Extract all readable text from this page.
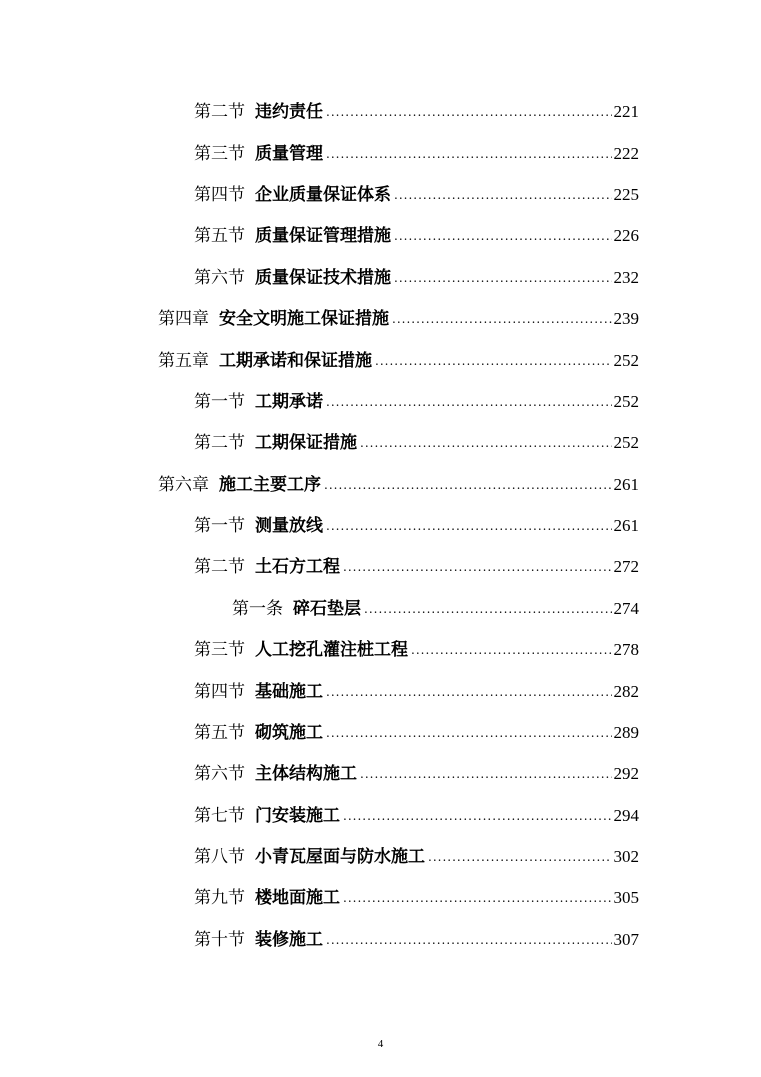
第二节 违约责任 .....	221
第三节 质量管理 .....	222
第四节 企业质量保证体系 .....	225
第五节 质量保证管理措施 .....	226
第六节 质量保证技术措施 .....	232
第四章 安全文明施工保证措施 .....	239
第五章 工期承诺和保证措施 .....	252
第一节 工期承诺 .....	252
第二节 工期保证措施 .....	252
第六章 施工主要工序 .....	261
第一节 测量放线 .....	261
第二节 土石方工程 .....	272
第一条 碎石垫层 .....	274
第三节 人工挖孔灌注桩工程 .....	278
第四节 基础施工 .....	282
第五节 砌筑施工 .....	289
第六节 主体结构施工 .....	292
第七节 门安装施工 .....	294
第八节 小青瓦屋面与防水施工 .....	302
第九节 楼地面施工 .....	305
第十节 装修施工 .....	307
4
